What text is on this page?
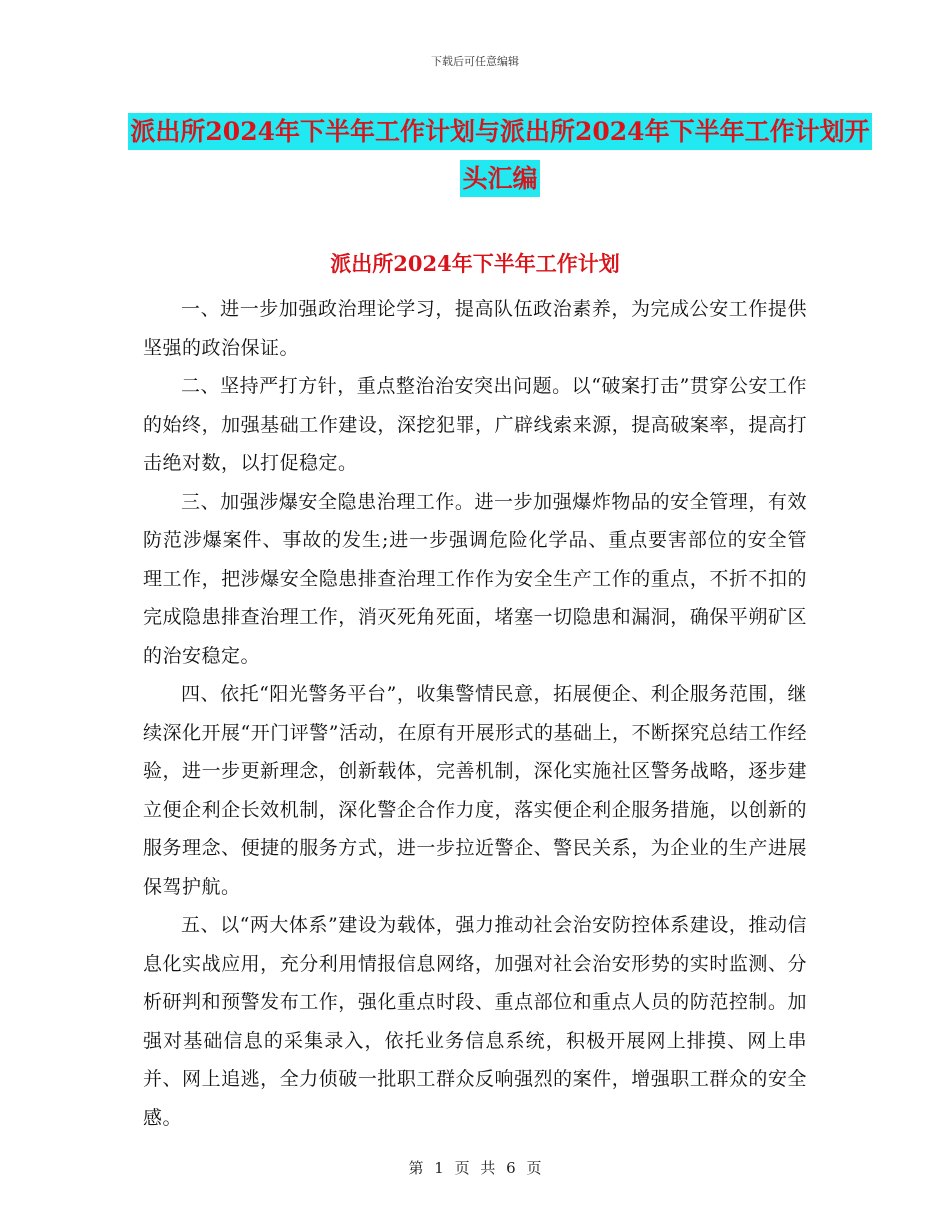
下载后可任意编辑
派出所2024年下半年工作计划与派出所2024年下半年工作计划开头汇编
派出所2024年下半年工作计划

一、进一步加强政治理论学习，提高队伍政治素养，为完成公安工作提供坚强的政治保证。

二、坚持严打方针，重点整治治安突出问题。以“破案打击”贯穿公安工作的始终，加强基础工作建设，深挖犯罪，广辟线索来源，提高破案率，提高打击绝对数，以打促稳定。

三、加强涉爆安全隐患治理工作。进一步加强爆炸物品的安全管理，有效防范涉爆案件、事故的发生;进一步强调危险化学品、重点要害部位的安全管理工作，把涉爆安全隐患排查治理工作作为安全生产工作的重点，不折不扣的完成隐患排查治理工作，消灭死角死面，堵塞一切隐患和漏洞，确保平朔矿区的治安稳定。

四、依托“阳光警务平台”，收集警情民意，拓展便企、利企服务范围，继续深化开展“开门评警”活动，在原有开展形式的基础上，不断探究总结工作经验，进一步更新理念，创新载体，完善机制，深化实施社区警务战略，逐步建立便企利企长效机制，深化警企合作力度，落实便企利企服务措施，以创新的服务理念、便捷的服务方式，进一步拉近警企、警民关系，为企业的生产进展保驾护航。

五、以“两大体系”建设为载体，强力推动社会治安防控体系建设，推动信息化实战应用，充分利用情报信息网络，加强对社会治安形势的实时监测、分析研判和预警发布工作，强化重点时段、重点部位和重点人员的防范控制。加强对基础信息的采集录入，依托业务信息系统，积极开展网上排摸、网上串并、网上追逃，全力侦破一批职工群众反响强烈的案件，增强职工群众的安全感。

第 1 页 共 6 页
